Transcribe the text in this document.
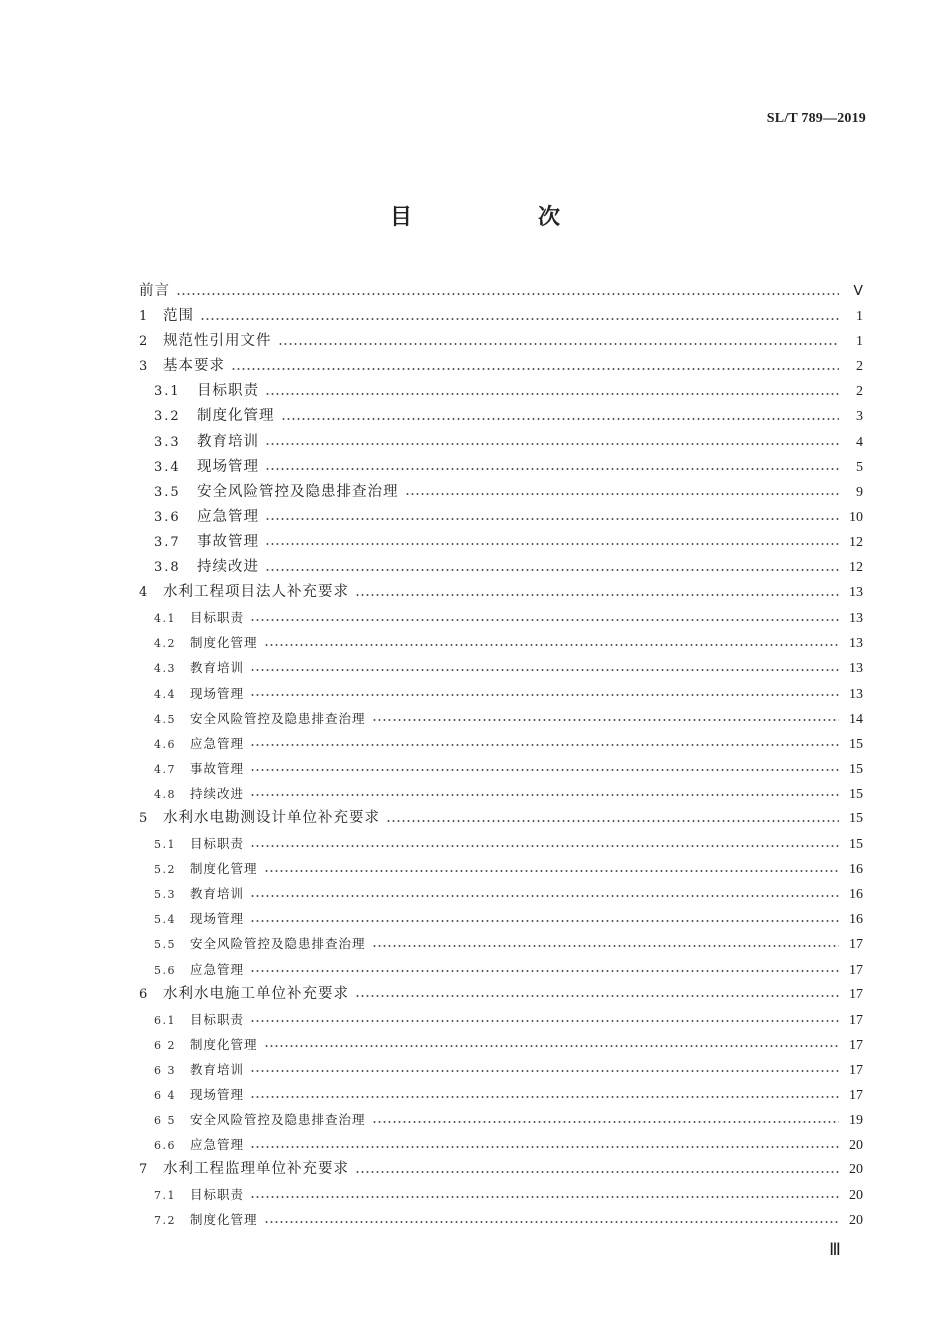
SL/T 789—2019
目　次
前言	Ⅴ
1	范围	1
2	规范性引用文件	1
3	基本要求	2
3.1	目标职责	2
3.2	制度化管理	3
3.3	教育培训	4
3.4	现场管理	5
3.5	安全风险管控及隐患排查治理	9
3.6	应急管理	10
3.7	事故管理	12
3.8	持续改进	12
4	水利工程项目法人补充要求	13
4.1	目标职责	13
4.2	制度化管理	13
4.3	教育培训	13
4.4	现场管理	13
4.5	安全风险管控及隐患排查治理	14
4.6	应急管理	15
4.7	事故管理	15
4.8	持续改进	15
5	水利水电勘测设计单位补充要求	15
5.1	目标职责	15
5.2	制度化管理	16
5.3	教育培训	16
5.4	现场管理	16
5.5	安全风险管控及隐患排查治理	17
5.6	应急管理	17
6	水利水电施工单位补充要求	17
6.1	目标职责	17
6 2	制度化管理	17
6 3	教育培训	17
6 4	现场管理	17
6 5	安全风险管控及隐患排查治理	19
6.6	应急管理	20
7	水利工程监理单位补充要求	20
7.1	目标职责	20
7.2	制度化管理	20
Ⅲ
